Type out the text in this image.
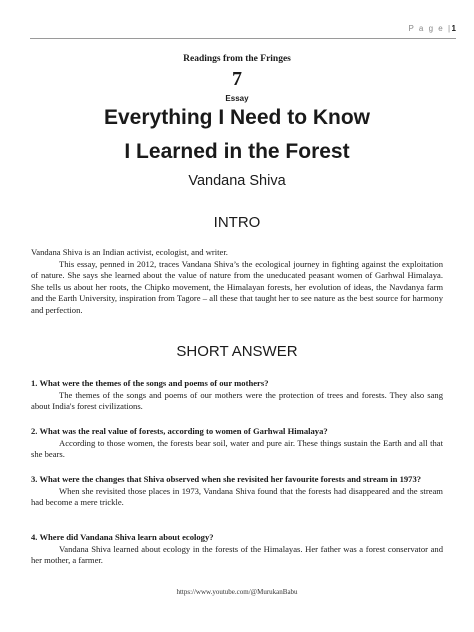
P a g e |1
Readings from the Fringes
7
Essay
Everything I Need to Know
I Learned in the Forest
Vandana Shiva
INTRO

Vandana Shiva is an Indian activist, ecologist, and writer.

This essay, penned in 2012, traces Vandana Shiva’s the ecological journey in fighting against the exploitation of nature. She says she learned about the value of nature from the uneducated peasant women of Garhwal Himalaya. She tells us about her roots, the Chipko movement, the Himalayan forests, her evolution of ideas, the Navdanya farm and the Earth University, inspiration from Tagore – all these that taught her to see nature as the best source for harmony and perfection.

SHORT ANSWER

1. What were the themes of the songs and poems of our mothers?

The themes of the songs and poems of our mothers were the protection of trees and forests. They also sang about India's forest civilizations.

2. What was the real value of forests, according to women of Garhwal Himalaya?

According to those women, the forests bear soil, water and pure air. These things sustain the Earth and all that she bears.

3. What were the changes that Shiva observed when she revisited her favourite forests and stream in 1973?

When she revisited those places in 1973, Vandana Shiva found that the forests had disappeared and the stream had become a mere trickle.

4. Where did Vandana Shiva learn about ecology?

Vandana Shiva learned about ecology in the forests of the Himalayas. Her father was a forest conservator and her mother, a farmer.

https://www.youtube.com/@MurukanBabu
